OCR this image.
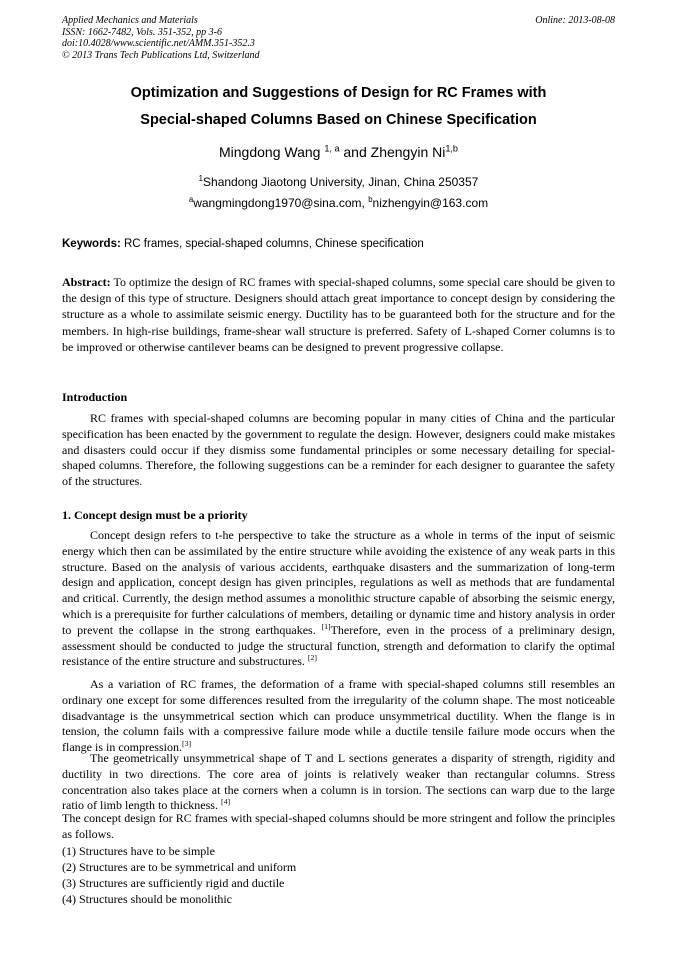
Applied Mechanics and Materials
ISSN: 1662-7482, Vols. 351-352, pp 3-6
doi:10.4028/www.scientific.net/AMM.351-352.3
© 2013 Trans Tech Publications Ltd, Switzerland
Online: 2013-08-08
Optimization and Suggestions of Design for RC Frames with
Special-shaped Columns Based on Chinese Specification
Mingdong Wang $^{1, a}$ and Zhengyin Ni$^{1,b}$
$^1$Shandong Jiaotong University, Jinan, China 250357
$^a$wangmingdong1970@sina.com, $^b$nizhengyin@163.com
Keywords: RC frames, special-shaped columns, Chinese specification

Abstract: To optimize the design of RC frames with special-shaped columns, some special care should be given to the design of this type of structure. Designers should attach great importance to concept design by considering the structure as a whole to assimilate seismic energy. Ductility has to be guaranteed both for the structure and for the members. In high-rise buildings, frame-shear wall structure is preferred. Safety of L-shaped Corner columns is to be improved or otherwise cantilever beams can be designed to prevent progressive collapse.

Introduction

RC frames with special-shaped columns are becoming popular in many cities of China and the particular specification has been enacted by the government to regulate the design. However, designers could make mistakes and disasters could occur if they dismiss some fundamental principles or some necessary detailing for special-shaped columns. Therefore, the following suggestions can be a reminder for each designer to guarantee the safety of the structures.

1. Concept design must be a priority

Concept design refers to t-he perspective to take the structure as a whole in terms of the input of seismic energy which then can be assimilated by the entire structure while avoiding the existence of any weak parts in this structure. Based on the analysis of various accidents, earthquake disasters and the summarization of long-term design and application, concept design has given principles, regulations as well as methods that are fundamental and critical. Currently, the design method assumes a monolithic structure capable of absorbing the seismic energy, which is a prerequisite for further calculations of members, detailing or dynamic time and history analysis in order to prevent the collapse in the strong earthquakes. [1]Therefore, even in the process of a preliminary design, assessment should be conducted to judge the structural function, strength and deformation to clarify the optimal resistance of the entire structure and substructures. [2]

As a variation of RC frames, the deformation of a frame with special-shaped columns still resembles an ordinary one except for some differences resulted from the irregularity of the column shape. The most noticeable disadvantage is the unsymmetrical section which can produce unsymmetrical ductility. When the flange is in tension, the column fails with a compressive failure mode while a ductile tensile failure mode occurs when the flange is in compression.[3]

The geometrically unsymmetrical shape of T and L sections generates a disparity of strength, rigidity and ductility in two directions. The core area of joints is relatively weaker than rectangular columns. Stress concentration also takes place at the corners when a column is in torsion. The sections can warp due to the large ratio of limb length to thickness. [4]

The concept design for RC frames with special-shaped columns should be more stringent and follow the principles as follows.

(1) Structures have to be simple
(2) Structures are to be symmetrical and uniform
(3) Structures are sufficiently rigid and ductile
(4) Structures should be monolithic
